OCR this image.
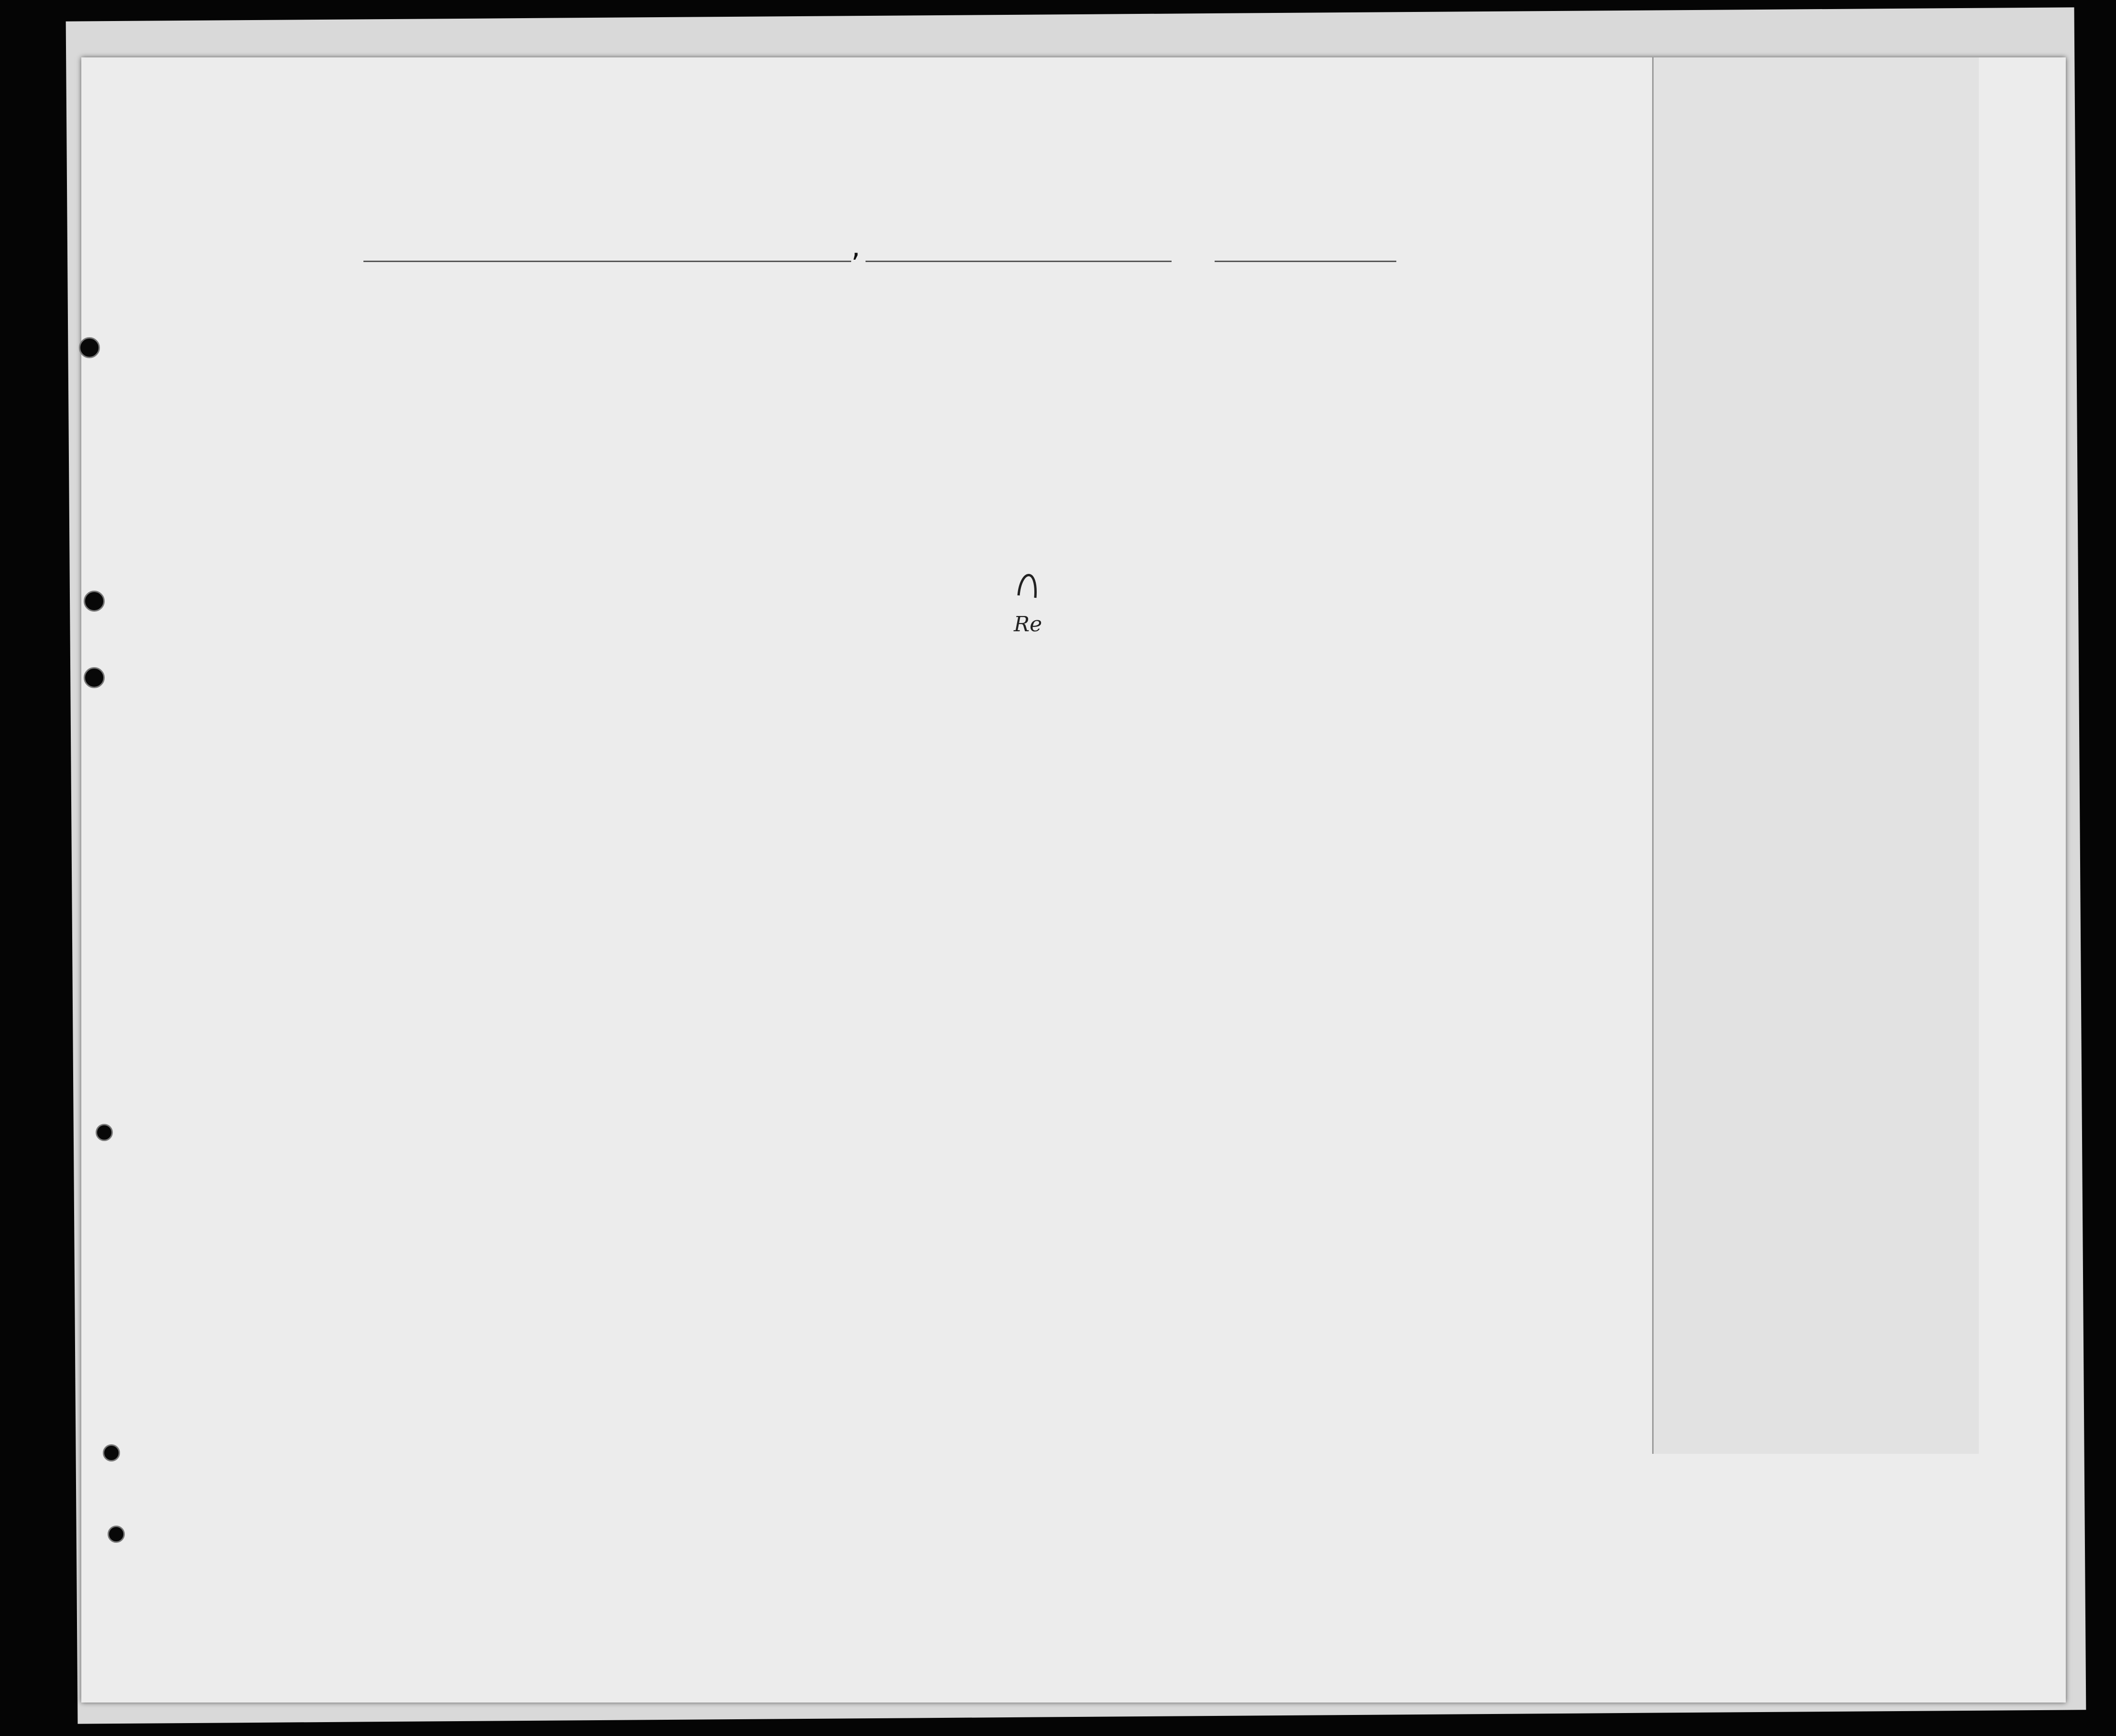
,
Re
